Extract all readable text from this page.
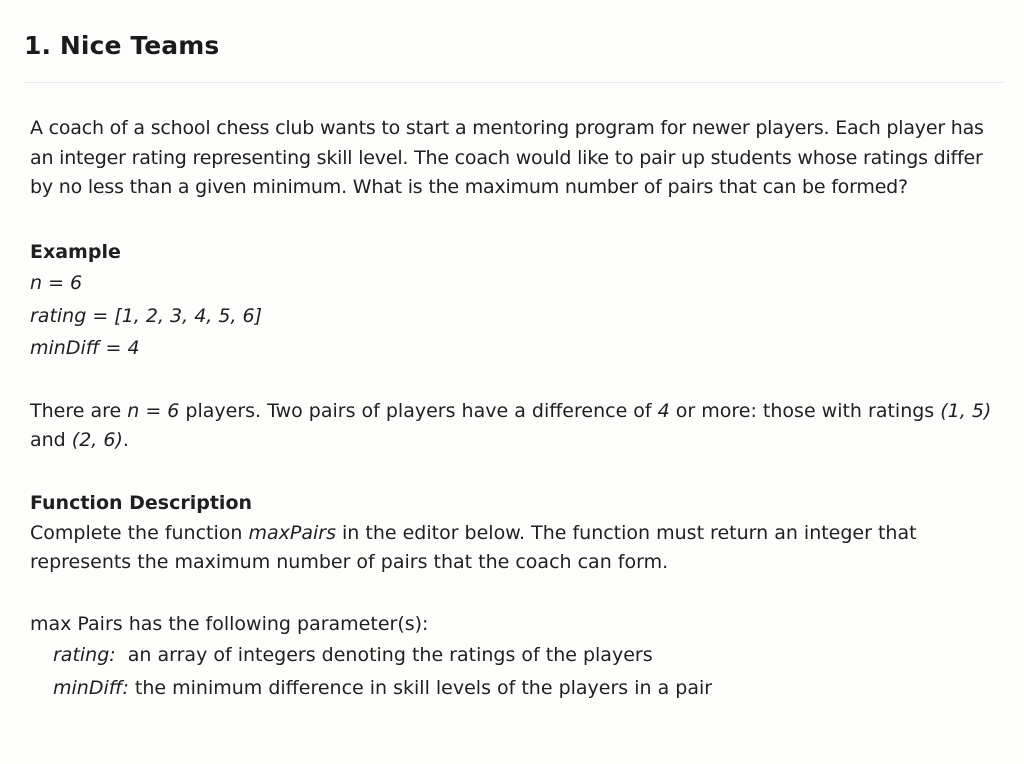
1. Nice Teams

A coach of a school chess club wants to start a mentoring program for newer players. Each player has an integer rating representing skill level. The coach would like to pair up students whose ratings differ by no less than a given minimum. What is the maximum number of pairs that can be formed?

Example

n = 6

rating = [1, 2, 3, 4, 5, 6]

minDiff = 4

There are n = 6 players. Two pairs of players have a difference of 4 or more: those with ratings (1, 5) and (2, 6).

Function Description

Complete the function maxPairs in the editor below. The function must return an integer that represents the maximum number of pairs that the coach can form.

max Pairs has the following parameter(s):

rating:  an array of integers denoting the ratings of the players

minDiff: the minimum difference in skill levels of the players in a pair
